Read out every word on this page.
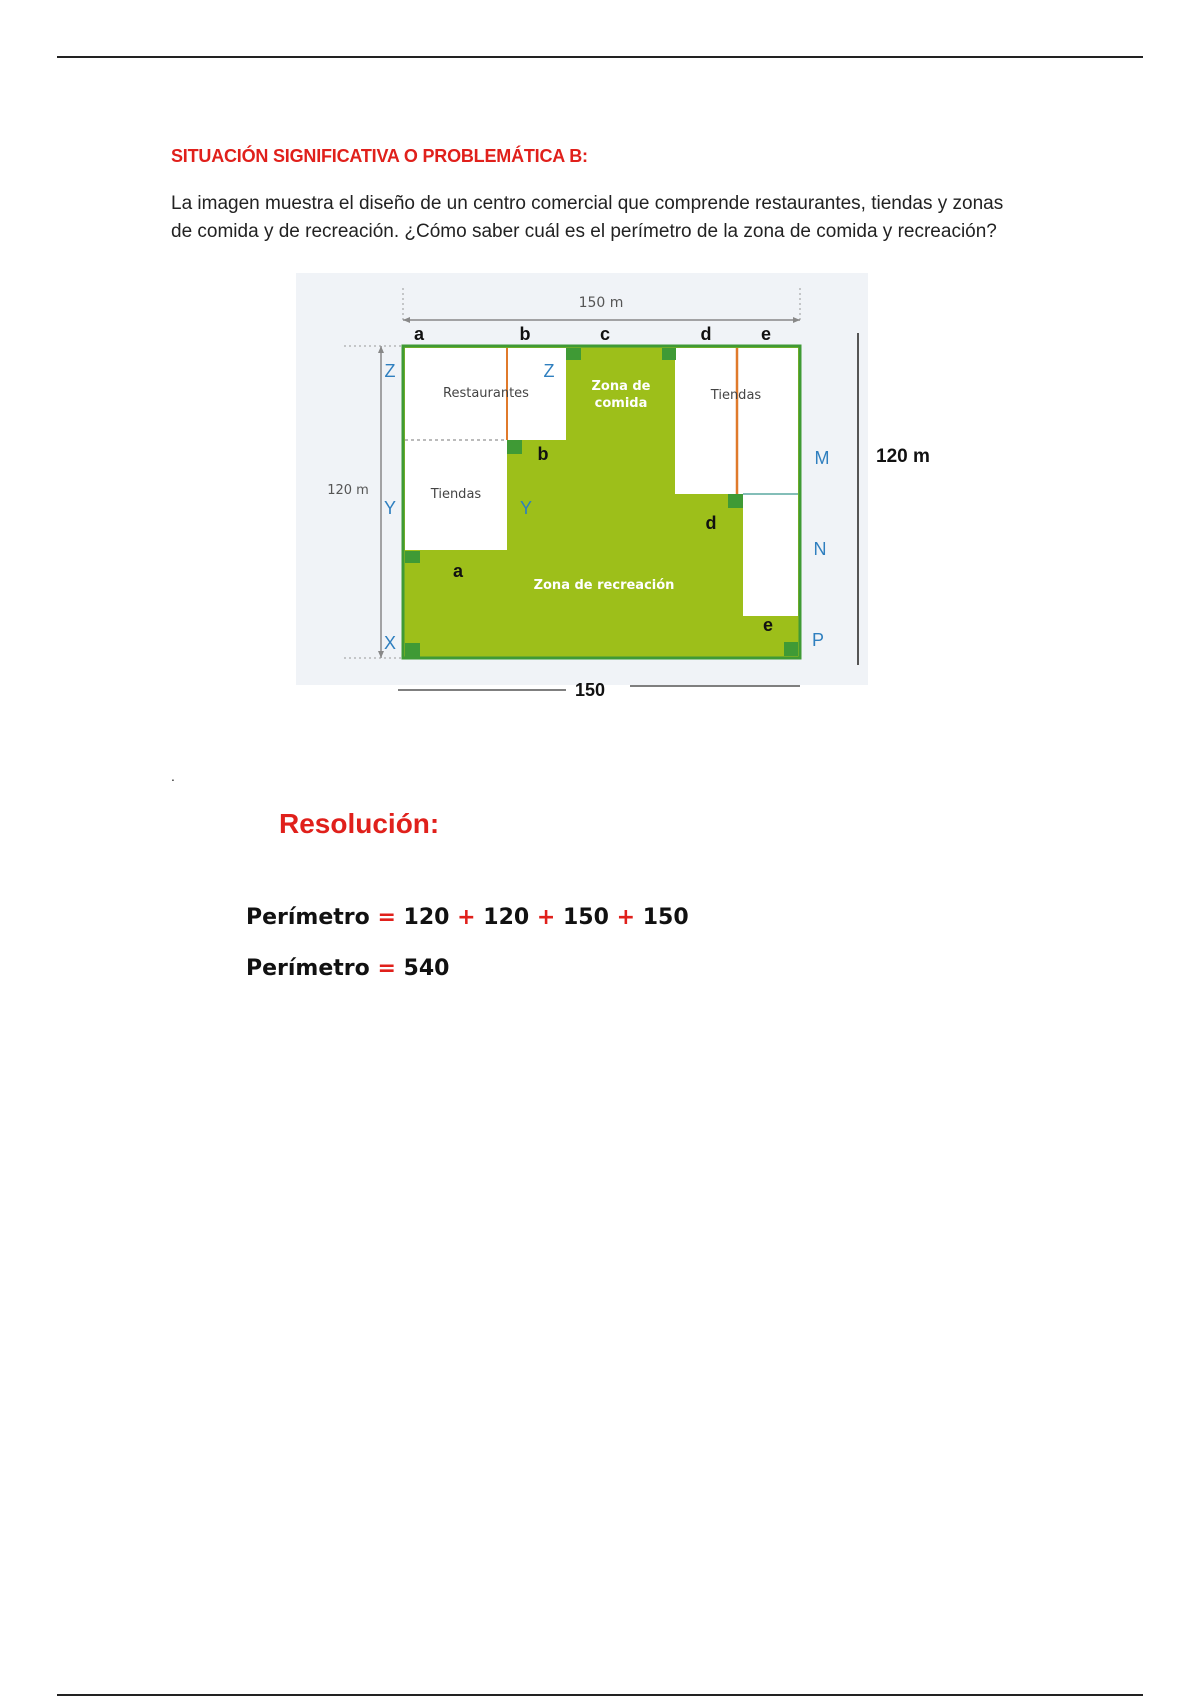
SITUACIÓN SIGNIFICATIVA O PROBLEMÁTICA B:
La imagen muestra el diseño de un centro comercial que comprende restaurantes, tiendas y zonas
de comida y de recreación. ¿Cómo saber cuál es el perímetro de la zona de comida y recreación?
150 m
120 m
Restaurantes
Tiendas
Tiendas
Zona de
comida
Zona de recreación
a	b	c	d	e
Z
Y
X
Z
Y
b
a
d
e
M
N
P
150
120 m
.
Resolución:
Perímetro = 120 + 120 + 150 + 150
Perímetro = 540
